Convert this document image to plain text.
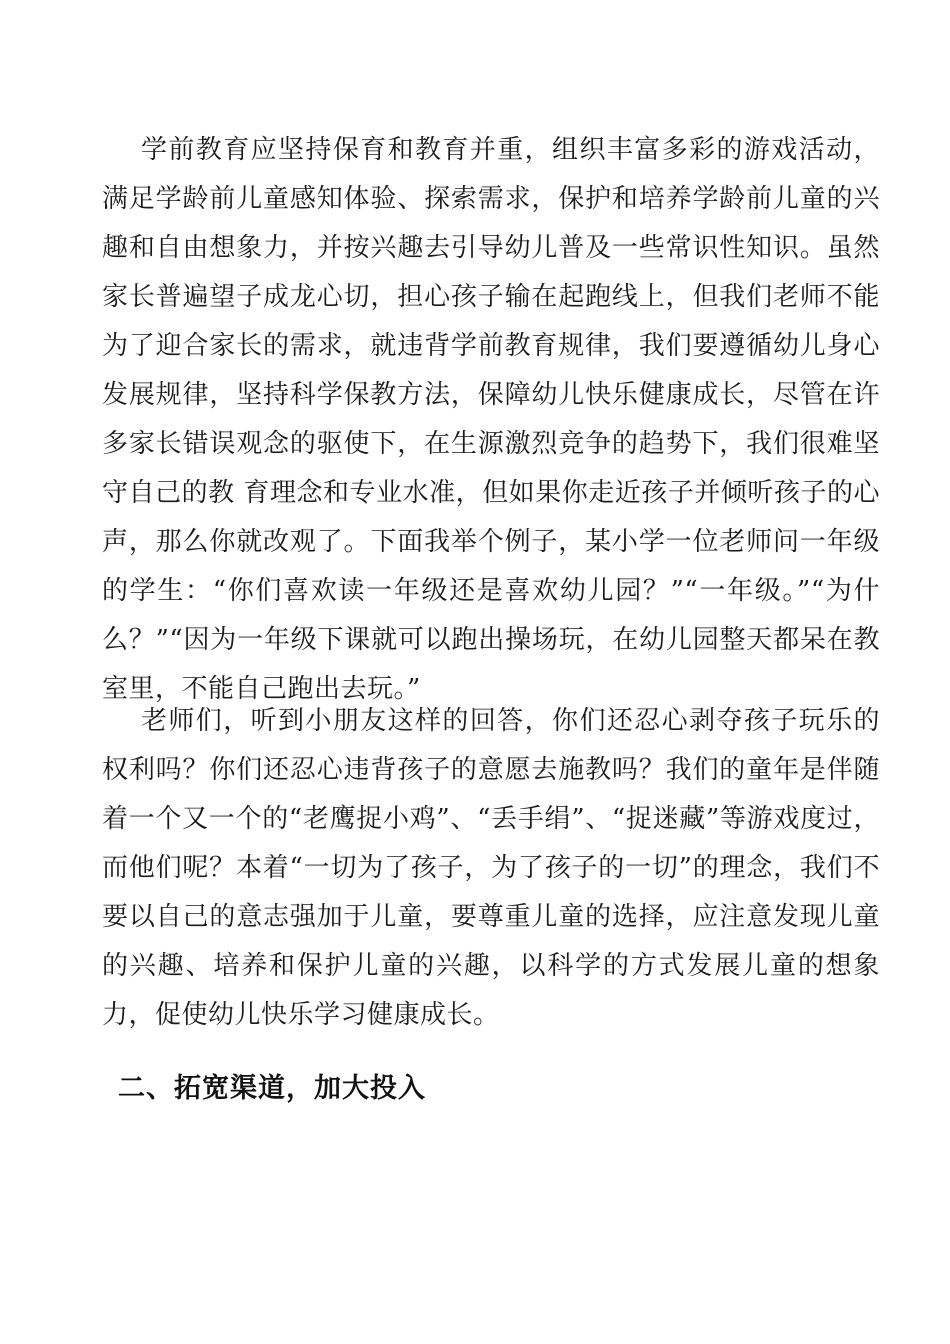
学前教育应坚持保育和教育并重，组织丰富多彩的游戏活动，满足学龄前儿童感知体验、探索需求，保护和培养学龄前儿童的兴趣和自由想象力，并按兴趣去引导幼儿普及一些常识性知识。虽然家长普遍望子成龙心切，担心孩子输在起跑线上，但我们老师不能为了迎合家长的需求，就违背学前教育规律，我们要遵循幼儿身心发展规律，坚持科学保教方法，保障幼儿快乐健康成长，尽管在许多家长错误观念的驱使下，在生源激烈竞争的趋势下，我们很难坚守自己的教 育理念和专业水准，但如果你走近孩子并倾听孩子的心声，那么你就改观了。下面我举个例子，某小学一位老师问一年级的学生：“你们喜欢读一年级还是喜欢幼儿园？”“一年级。”“为什么？”“因为一年级下课就可以跑出操场玩，在幼儿园整天都呆在教室里，不能自己跑出去玩。”

老师们，听到小朋友这样的回答，你们还忍心剥夺孩子玩乐的权利吗？你们还忍心违背孩子的意愿去施教吗？我们的童年是伴随着一个又一个的“老鹰捉小鸡”、“丢手绢”、“捉迷藏”等游戏度过，而他们呢？本着“一切为了孩子，为了孩子的一切”的理念，我们不要以自己的意志强加于儿童，要尊重儿童的选择，应注意发现儿童的兴趣、培养和保护儿童的兴趣，以科学的方式发展儿童的想象力，促使幼儿快乐学习健康成长。

二、拓宽渠道，加大投入
